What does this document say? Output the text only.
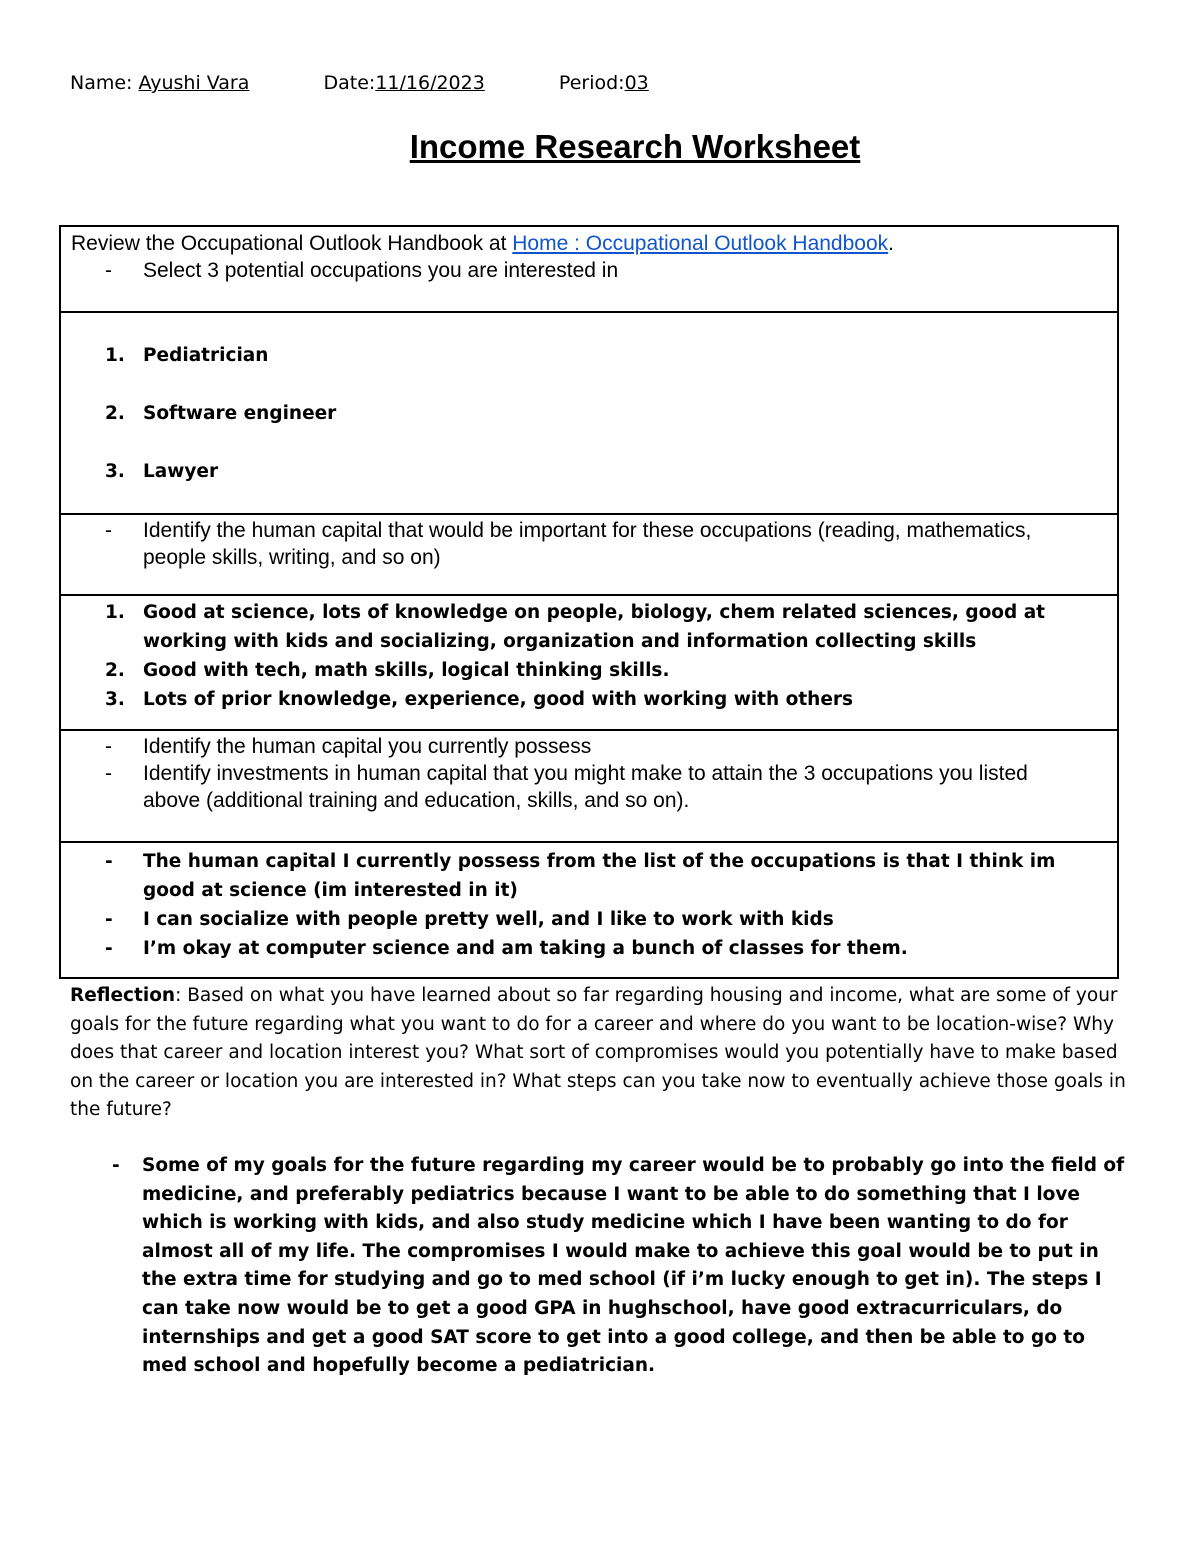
Name: Ayushi Vara	Date:11/16/2023	Period:03
Income Research Worksheet
Review the Occupational Outlook Handbook at Home : Occupational Outlook Handbook.
- Select 3 potential occupations you are interested in
1. Pediatrician
2. Software engineer
3. Lawyer
- Identify the human capital that would be important for these occupations (reading, mathematics, people skills, writing, and so on)
1. Good at science, lots of knowledge on people, biology, chem related sciences, good at working with kids and socializing, organization and information collecting skills
2. Good with tech, math skills, logical thinking skills.
3. Lots of prior knowledge, experience, good with working with others
- Identify the human capital you currently possess
- Identify investments in human capital that you might make to attain the 3 occupations you listed above (additional training and education, skills, and so on).
- The human capital I currently possess from the list of the occupations is that I think im good at science (im interested in it)
- I can socialize with people pretty well, and I like to work with kids
- I’m okay at computer science and am taking a bunch of classes for them.
Reflection: Based on what you have learned about so far regarding housing and income, what are some of your goals for the future regarding what you want to do for a career and where do you want to be location-wise? Why does that career and location interest you? What sort of compromises would you potentially have to make based on the career or location you are interested in? What steps can you take now to eventually achieve those goals in the future?
- Some of my goals for the future regarding my career would be to probably go into the field of medicine, and preferably pediatrics because I want to be able to do something that I love which is working with kids, and also study medicine which I have been wanting to do for almost all of my life. The compromises I would make to achieve this goal would be to put in the extra time for studying and go to med school (if i’m lucky enough to get in). The steps I can take now would be to get a good GPA in hughschool, have good extracurriculars, do internships and get a good SAT score to get into a good college, and then be able to go to med school and hopefully become a pediatrician.
